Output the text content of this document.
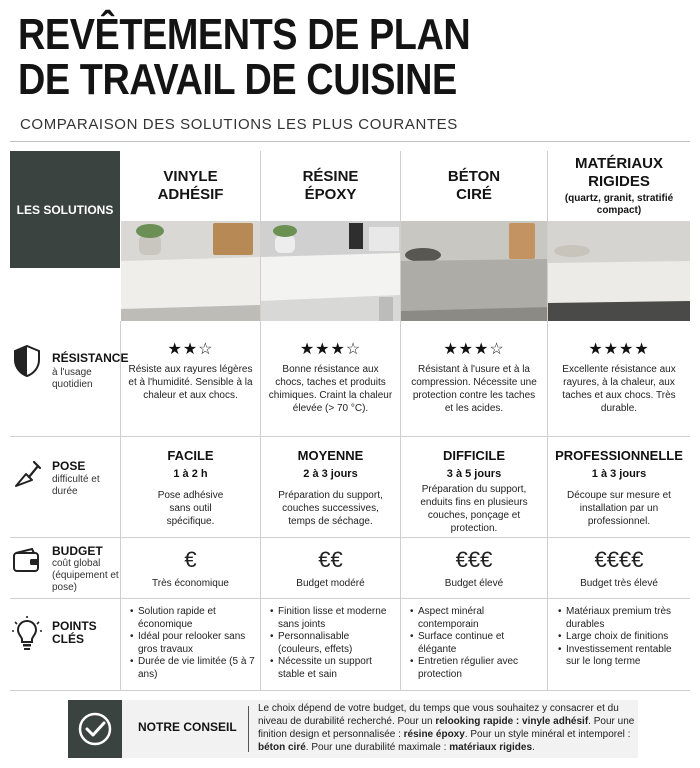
REVÊTEMENTS DE PLAN
DE TRAVAIL DE CUISINE
COMPARAISON DES SOLUTIONS LES PLUS COURANTES
LES SOLUTIONS
VINYLE
ADHÉSIF
RÉSINE
ÉPOXY
BÉTON
CIRÉ
MATÉRIAUX
RIGIDES
(quartz, granit, stratifié compact)
RÉSISTANCE
à l'usage quotidien
★★☆
Résiste aux rayures légères et à l'humidité. Sensible à la chaleur et aux chocs.
★★★☆
Bonne résistance aux chocs, taches et produits chimiques. Craint la chaleur élevée (> 70 °C).
★★★☆
Résistant à l'usure et à la compression. Nécessite une protection contre les taches et les acides.
★★★★
Excellente résistance aux rayures, à la chaleur, aux taches et aux chocs. Très durable.
POSE
difficulté et durée
FACILE
1 à 2 h
Pose adhésive sans outil spécifique.
MOYENNE
2 à 3 jours
Préparation du support, couches successives, temps de séchage.
DIFFICILE
3 à 5 jours
Préparation du support, enduits fins en plusieurs couches, ponçage et protection.
PROFESSIONNELLE
1 à 3 jours
Découpe sur mesure et installation par un professionnel.
BUDGET
coût global (équipement et pose)
€
Très économique
€€
Budget modéré
€€€
Budget élevé
€€€€
Budget très élevé
POINTS CLÉS
• Solution rapide et économique
• Idéal pour relooker sans gros travaux
• Durée de vie limitée (5 à 7 ans)
• Finition lisse et moderne sans joints
• Personnalisable (couleurs, effets)
• Nécessite un support stable et sain
• Aspect minéral contemporain
• Surface continue et élégante
• Entretien régulier avec protection
• Matériaux premium très durables
• Large choix de finitions
• Investissement rentable sur le long terme
NOTRE CONSEIL
Le choix dépend de votre budget, du temps que vous souhaitez y consacrer et du niveau de durabilité recherché. Pour un relooking rapide : vinyle adhésif. Pour une finition design et personnalisée : résine époxy. Pour un style minéral et intemporel : béton ciré. Pour une durabilité maximale : matériaux rigides.
